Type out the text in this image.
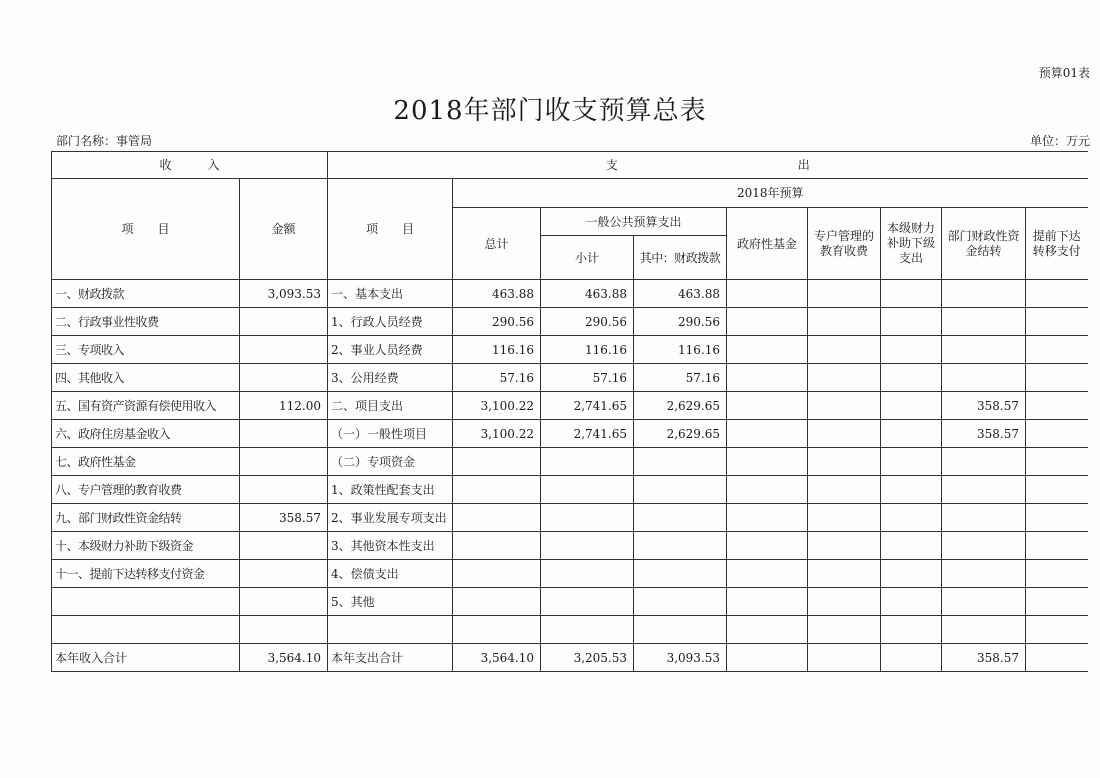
预算01表
2018年部门收支预算总表
部门名称：事管局	单位：万元
收　　　入		支　　　　　　　　　　　　　　　出								
项　　目	金额	项　　目	2018年预算							
			总计	一般公共预算支出		政府性基金	专户管理的教育收费	本级财力补助下级支出	部门财政性资金结转	提前下达转移支付
				小计	其中：财政拨款					
一、财政拨款	3,093.53	一、基本支出	463.88	463.88	463.88					
二、行政事业性收费		1、行政人员经费	290.56	290.56	290.56					
三、专项收入		2、事业人员经费	116.16	116.16	116.16					
四、其他收入		3、公用经费	57.16	57.16	57.16					
五、国有资产资源有偿使用收入	112.00	二、项目支出	3,100.22	2,741.65	2,629.65				358.57	
六、政府住房基金收入		（一）一般性项目	3,100.22	2,741.65	2,629.65				358.57	
七、政府性基金		（二）专项资金								
八、专户管理的教育收费		1、政策性配套支出								
九、部门财政性资金结转	358.57	2、事业发展专项支出								
十、本级财力补助下级资金		3、其他资本性支出								
十一、提前下达转移支付资金		4、偿债支出								
		5、其他								

本年收入合计	3,564.10	本年支出合计	3,564.10	3,205.53	3,093.53				358.57	
